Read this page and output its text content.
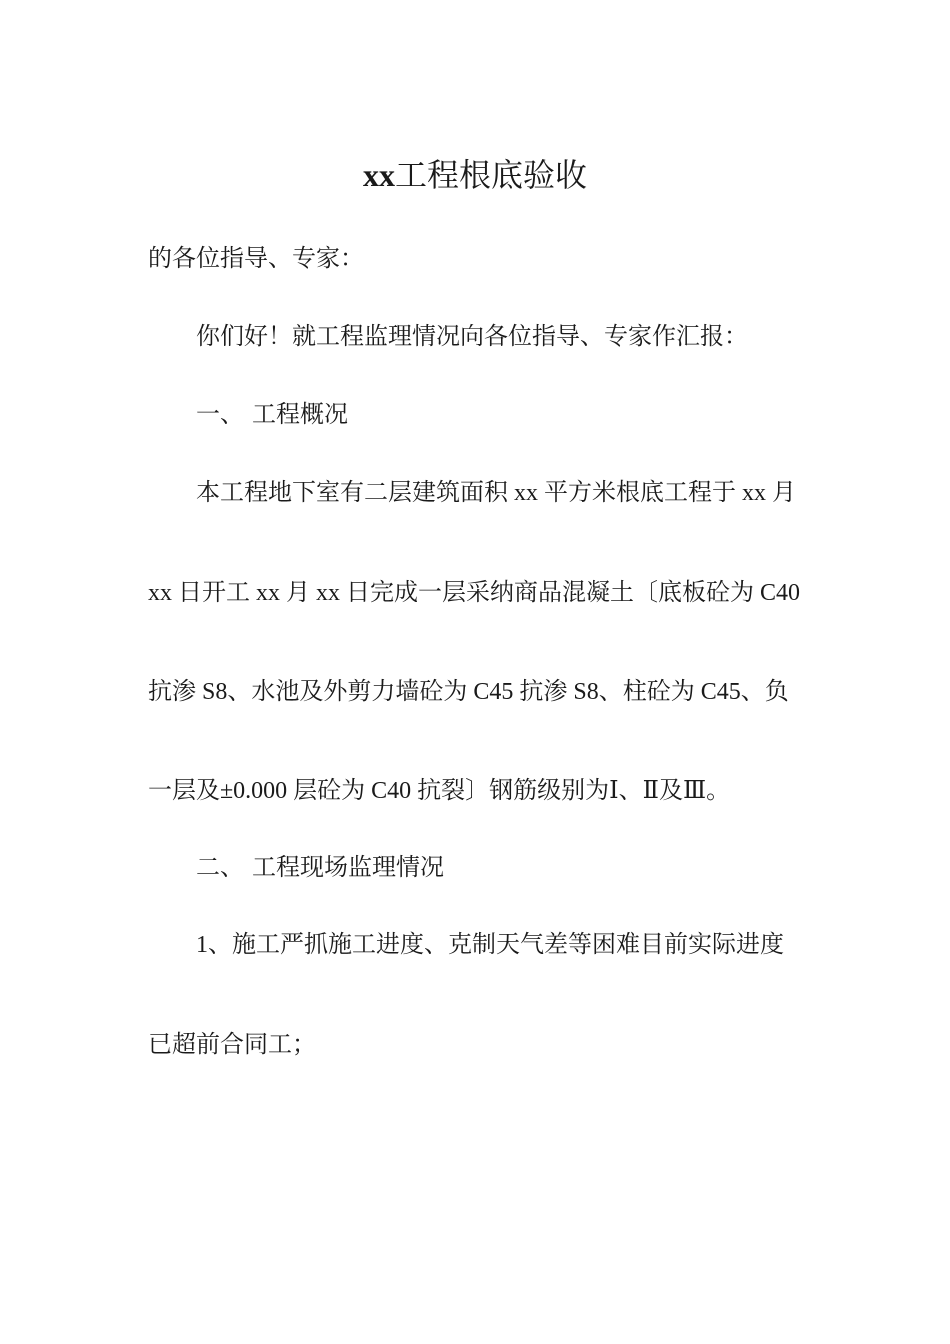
xx工程根底验收
的各位指导、专家：
你们好！就工程监理情况向各位指导、专家作汇报：
一、 工程概况
本工程地下室有二层建筑面积 xx 平方米根底工程于 xx 月
xx 日开工 xx 月 xx 日完成一层采纳商品混凝土〔底板砼为 C40
抗渗 S8、水池及外剪力墙砼为 C45 抗渗 S8、柱砼为 C45、负
一层及±0.000 层砼为 C40 抗裂〕钢筋级别为Ⅰ、Ⅱ及Ⅲ。
二、 工程现场监理情况
1、施工严抓施工进度、克制天气差等困难目前实际进度
已超前合同工；
